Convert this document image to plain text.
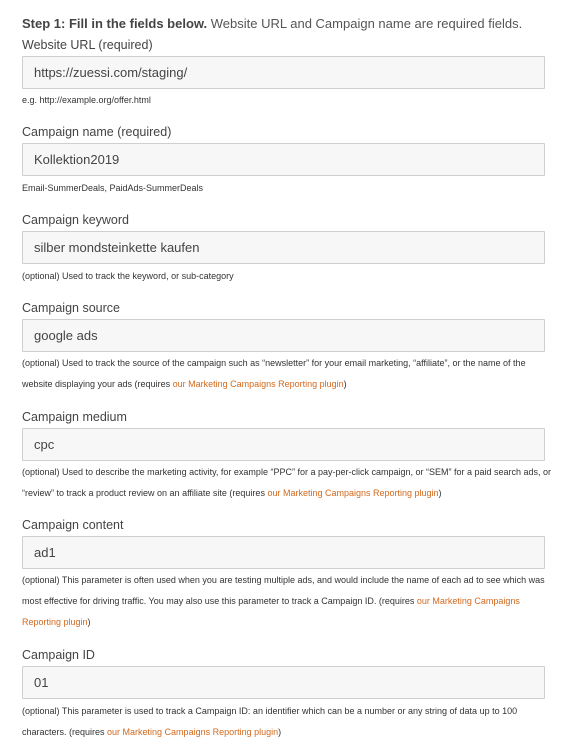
Step 1: Fill in the fields below. Website URL and Campaign name are required fields.
Website URL (required)
https://zuessi.com/staging/
e.g. http://example.org/offer.html
Campaign name (required)
Kollektion2019
Email-SummerDeals, PaidAds-SummerDeals
Campaign keyword
silber mondsteinkette kaufen
(optional) Used to track the keyword, or sub-category
Campaign source
google ads
(optional) Used to track the source of the campaign such as “newsletter” for your email marketing, “affiliate”, or the name of the website displaying your ads (requires our Marketing Campaigns Reporting plugin)
Campaign medium
cpc
(optional) Used to describe the marketing activity, for example “PPC” for a pay-per-click campaign, or “SEM” for a paid search ads, or “review” to track a product review on an affiliate site (requires our Marketing Campaigns Reporting plugin)
Campaign content
ad1
(optional) This parameter is often used when you are testing multiple ads, and would include the name of each ad to see which was most effective for driving traffic. You may also use this parameter to track a Campaign ID. (requires our Marketing Campaigns Reporting plugin)
Campaign ID
01
(optional) This parameter is used to track a Campaign ID: an identifier which can be a number or any string of data up to 100 characters. (requires our Marketing Campaigns Reporting plugin)
